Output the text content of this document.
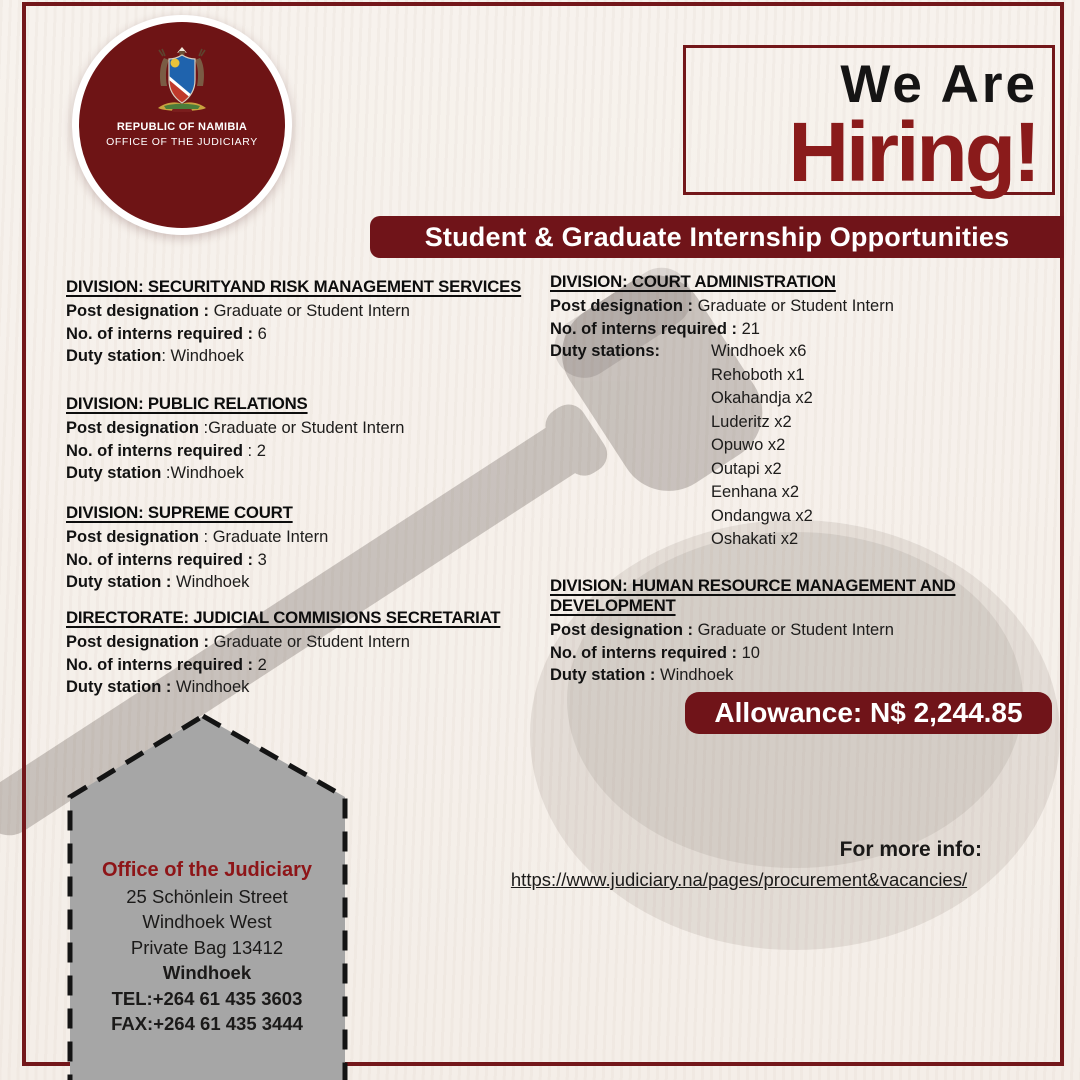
REPUBLIC OF NAMIBIA
OFFICE OF THE JUDICIARY
We Are
Hiring!
Student & Graduate Internship Opportunities
DIVISION: SECURITYAND RISK MANAGEMENT SERVICES
Post designation : Graduate or Student Intern
No. of interns required : 6
Duty station: Windhoek
DIVISION: PUBLIC RELATIONS
Post designation :Graduate or Student Intern
No. of interns required : 2
Duty station :Windhoek
DIVISION: SUPREME COURT
Post designation : Graduate Intern
No. of interns required : 3
Duty station : Windhoek
DIRECTORATE: JUDICIAL COMMISIONS SECRETARIAT
Post designation : Graduate or Student Intern
No. of interns required : 2
Duty station : Windhoek
DIVISION: COURT ADMINISTRATION
Post designation : Graduate or Student Intern
No. of interns required : 21
Duty stations:	Windhoek x6
Rehoboth x1
Okahandja x2
Luderitz x2
Opuwo x2
Outapi x2
Eenhana x2
Ondangwa x2
Oshakati x2
DIVISION: HUMAN RESOURCE MANAGEMENT AND DEVELOPMENT
Post designation : Graduate or Student Intern
No. of interns required : 10
Duty station : Windhoek
Allowance: N$ 2,244.85
For more info:
https://www.judiciary.na/pages/procurement&vacancies/
Office of the Judiciary
25 Schönlein Street
Windhoek West
Private Bag 13412
Windhoek
TEL:+264 61 435 3603
FAX:+264 61 435 3444
